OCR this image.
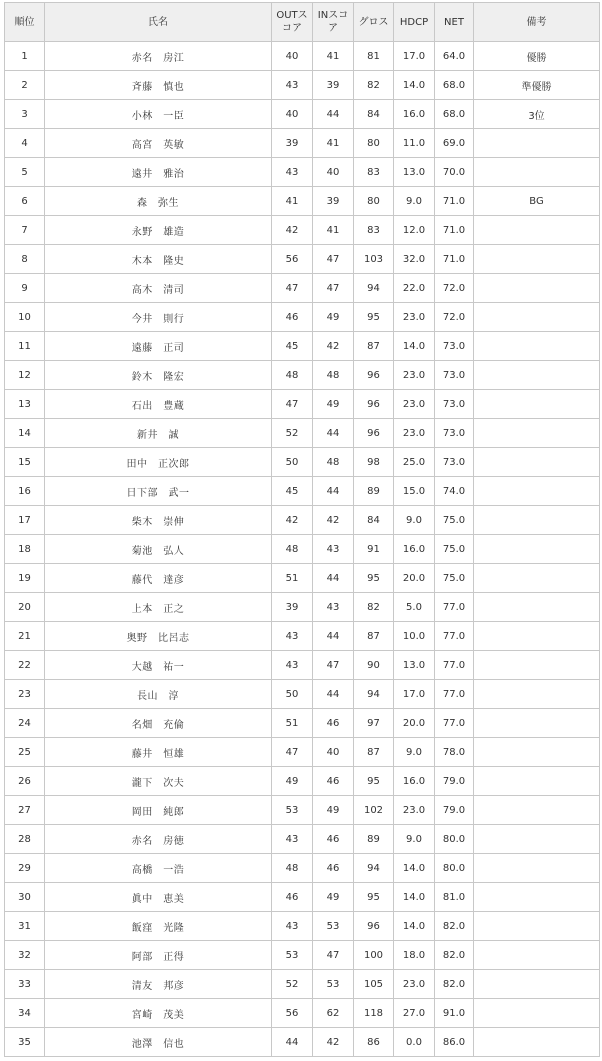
順位	氏名	OUTスコア	INスコア	グロス	HDCP	NET	備考
1	赤名　房江	40	41	81	17.0	64.0	優勝
2	斉藤　慎也	43	39	82	14.0	68.0	準優勝
3	小林　一臣	40	44	84	16.0	68.0	3位
4	高宮　英敏	39	41	80	11.0	69.0	
5	遠井　雅治	43	40	83	13.0	70.0	
6	森　弥生	41	39	80	9.0	71.0	BG
7	永野　雄造	42	41	83	12.0	71.0	
8	木本　隆史	56	47	103	32.0	71.0	
9	高木　清司	47	47	94	22.0	72.0	
10	今井　則行	46	49	95	23.0	72.0	
11	遠藤　正司	45	42	87	14.0	73.0	
12	鈴木　隆宏	48	48	96	23.0	73.0	
13	石出　豊蔵	47	49	96	23.0	73.0	
14	新井　誠	52	44	96	23.0	73.0	
15	田中　正次郎	50	48	98	25.0	73.0	
16	日下部　武一	45	44	89	15.0	74.0	
17	柴木　崇伸	42	42	84	9.0	75.0	
18	菊池　弘人	48	43	91	16.0	75.0	
19	藤代　達彦	51	44	95	20.0	75.0	
20	上本　正之	39	43	82	5.0	77.0	
21	奥野　比呂志	43	44	87	10.0	77.0	
22	大越　祐一	43	47	90	13.0	77.0	
23	長山　淳	50	44	94	17.0	77.0	
24	名畑　充倫	51	46	97	20.0	77.0	
25	藤井　恒雄	47	40	87	9.0	78.0	
26	瀧下　次夫	49	46	95	16.0	79.0	
27	岡田　純郎	53	49	102	23.0	79.0	
28	赤名　房徳	43	46	89	9.0	80.0	
29	高橋　一浩	48	46	94	14.0	80.0	
30	眞中　恵美	46	49	95	14.0	81.0	
31	飯窪　光隆	43	53	96	14.0	82.0	
32	阿部　正得	53	47	100	18.0	82.0	
33	清友　邦彦	52	53	105	23.0	82.0	
34	宮崎　茂美	56	62	118	27.0	91.0	
35	池澤　信也	44	42	86	0.0	86.0	
